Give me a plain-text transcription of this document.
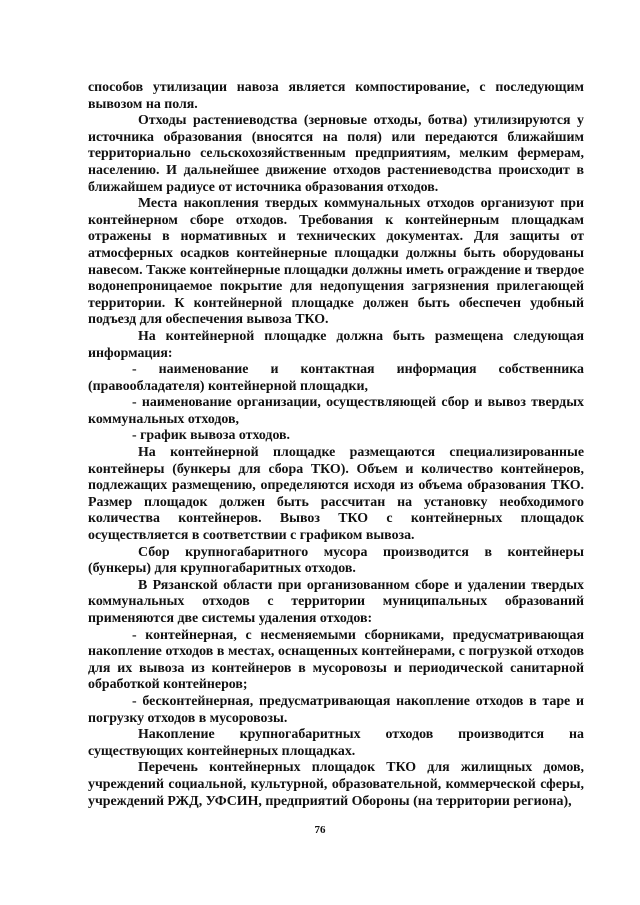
способов утилизации навоза является компостирование, с последующим вывозом на поля.

Отходы растениеводства (зерновые отходы, ботва) утилизируются у источника образования (вносятся на поля) или передаются ближайшим территориально сельскохозяйственным предприятиям, мелким фермерам, населению. И дальнейшее движение отходов растениеводства происходит в ближайшем радиусе от источника образования отходов.

Места накопления твердых коммунальных отходов организуют при контейнерном сборе отходов. Требования к контейнерным площадкам отражены в нормативных и технических документах. Для защиты от атмосферных осадков контейнерные площадки должны быть оборудованы навесом. Также контейнерные площадки должны иметь ограждение и твердое водонепроницаемое покрытие для недопущения загрязнения прилегающей территории. К контейнерной площадке должен быть обеспечен удобный подъезд для обеспечения вывоза ТКО.

На контейнерной площадке должна быть размещена следующая информация:

- наименование и контактная информация собственника (правообладателя) контейнерной площадки,

- наименование организации, осуществляющей сбор и вывоз твердых коммунальных отходов,

- график вывоза отходов.

На контейнерной площадке размещаются специализированные контейнеры (бункеры для сбора ТКО). Объем и количество контейнеров, подлежащих размещению, определяются исходя из объема образования ТКО. Размер площадок должен быть рассчитан на установку необходимого количества контейнеров. Вывоз ТКО с контейнерных площадок осуществляется в соответствии с графиком вывоза.

Сбор крупногабаритного мусора производится в контейнеры (бункеры) для крупногабаритных отходов.

В Рязанской области при организованном сборе и удалении твердых коммунальных отходов с территории муниципальных образований применяются две системы удаления отходов:

- контейнерная, с несменяемыми сборниками, предусматривающая накопление отходов в местах, оснащенных контейнерами, с погрузкой отходов для их вывоза из контейнеров в мусоровозы и периодической санитарной обработкой контейнеров;

- бесконтейнерная, предусматривающая накопление отходов в таре и погрузку отходов в мусоровозы.

Накопление крупногабаритных отходов производится на существующих контейнерных площадках.

Перечень контейнерных площадок ТКО для жилищных домов, учреждений социальной, культурной, образовательной, коммерческой сферы, учреждений РЖД, УФСИН, предприятий Обороны (на территории региона),

76
